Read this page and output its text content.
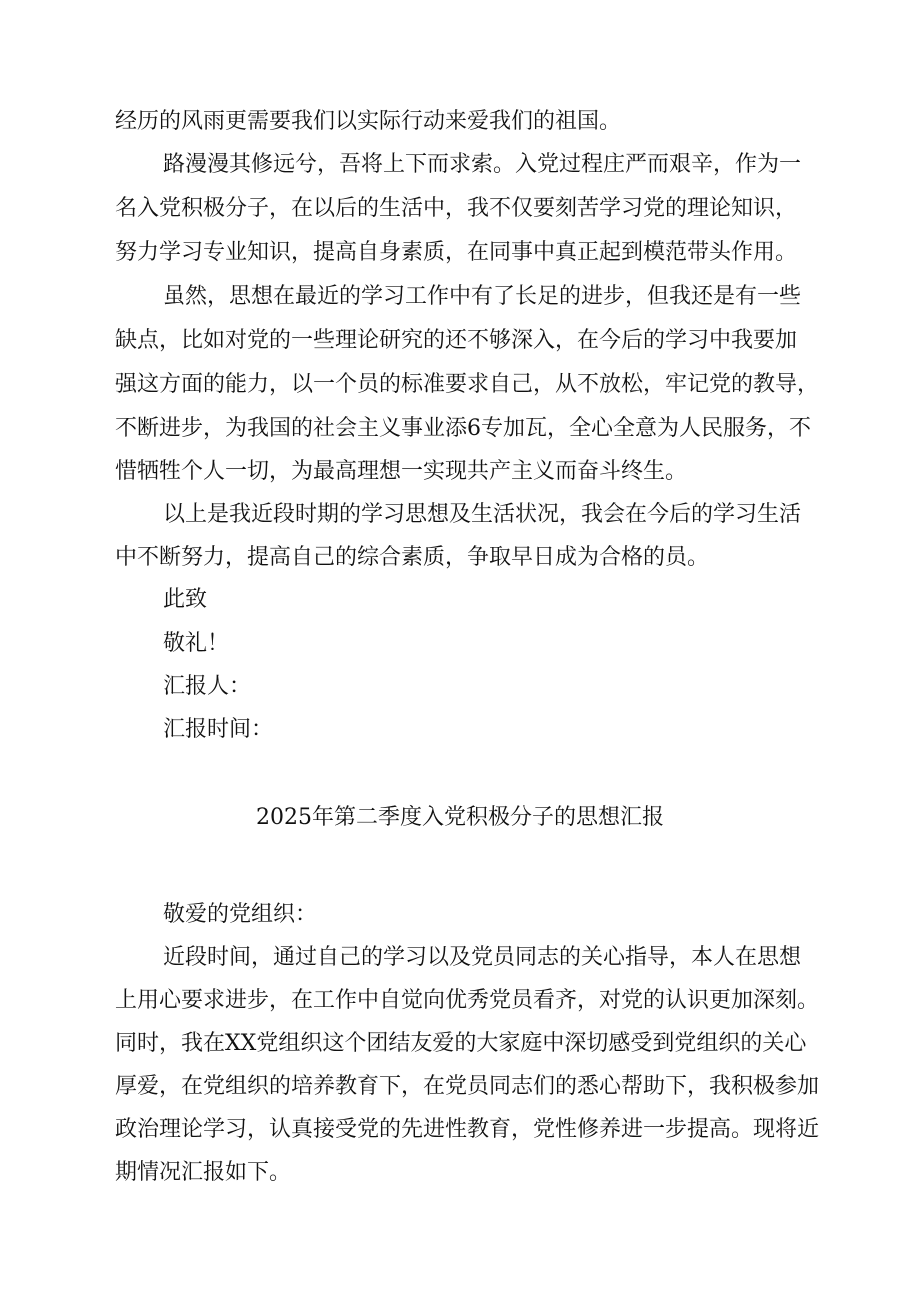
经历的风雨更需要我们以实际行动来爱我们的祖国。
路漫漫其修远兮，吾将上下而求索。入党过程庄严而艰辛，作为一
名入党积极分子，在以后的生活中，我不仅要刻苦学习党的理论知识，
努力学习专业知识，提高自身素质，在同事中真正起到模范带头作用。
虽然，思想在最近的学习工作中有了长足的进步，但我还是有一些
缺点，比如对党的一些理论研究的还不够深入，在今后的学习中我要加
强这方面的能力，以一个员的标准要求自己，从不放松，牢记党的教导，
不断进步，为我国的社会主义事业添6专加瓦，全心全意为人民服务，不
惜牺牲个人一切，为最高理想一实现共产主义而奋斗终生。
以上是我近段时期的学习思想及生活状况，我会在今后的学习生活
中不断努力，提高自己的综合素质，争取早日成为合格的员。
此致
敬礼！
汇报人：
汇报时间：
2025年第二季度入党积极分子的思想汇报
敬爱的党组织：
近段时间，通过自己的学习以及党员同志的关心指导，本人在思想
上用心要求进步，在工作中自觉向优秀党员看齐，对党的认识更加深刻。
同时，我在XX党组织这个团结友爱的大家庭中深切感受到党组织的关心
厚爱，在党组织的培养教育下，在党员同志们的悉心帮助下，我积极参加
政治理论学习，认真接受党的先进性教育，党性修养进一步提高。现将近
期情况汇报如下。
